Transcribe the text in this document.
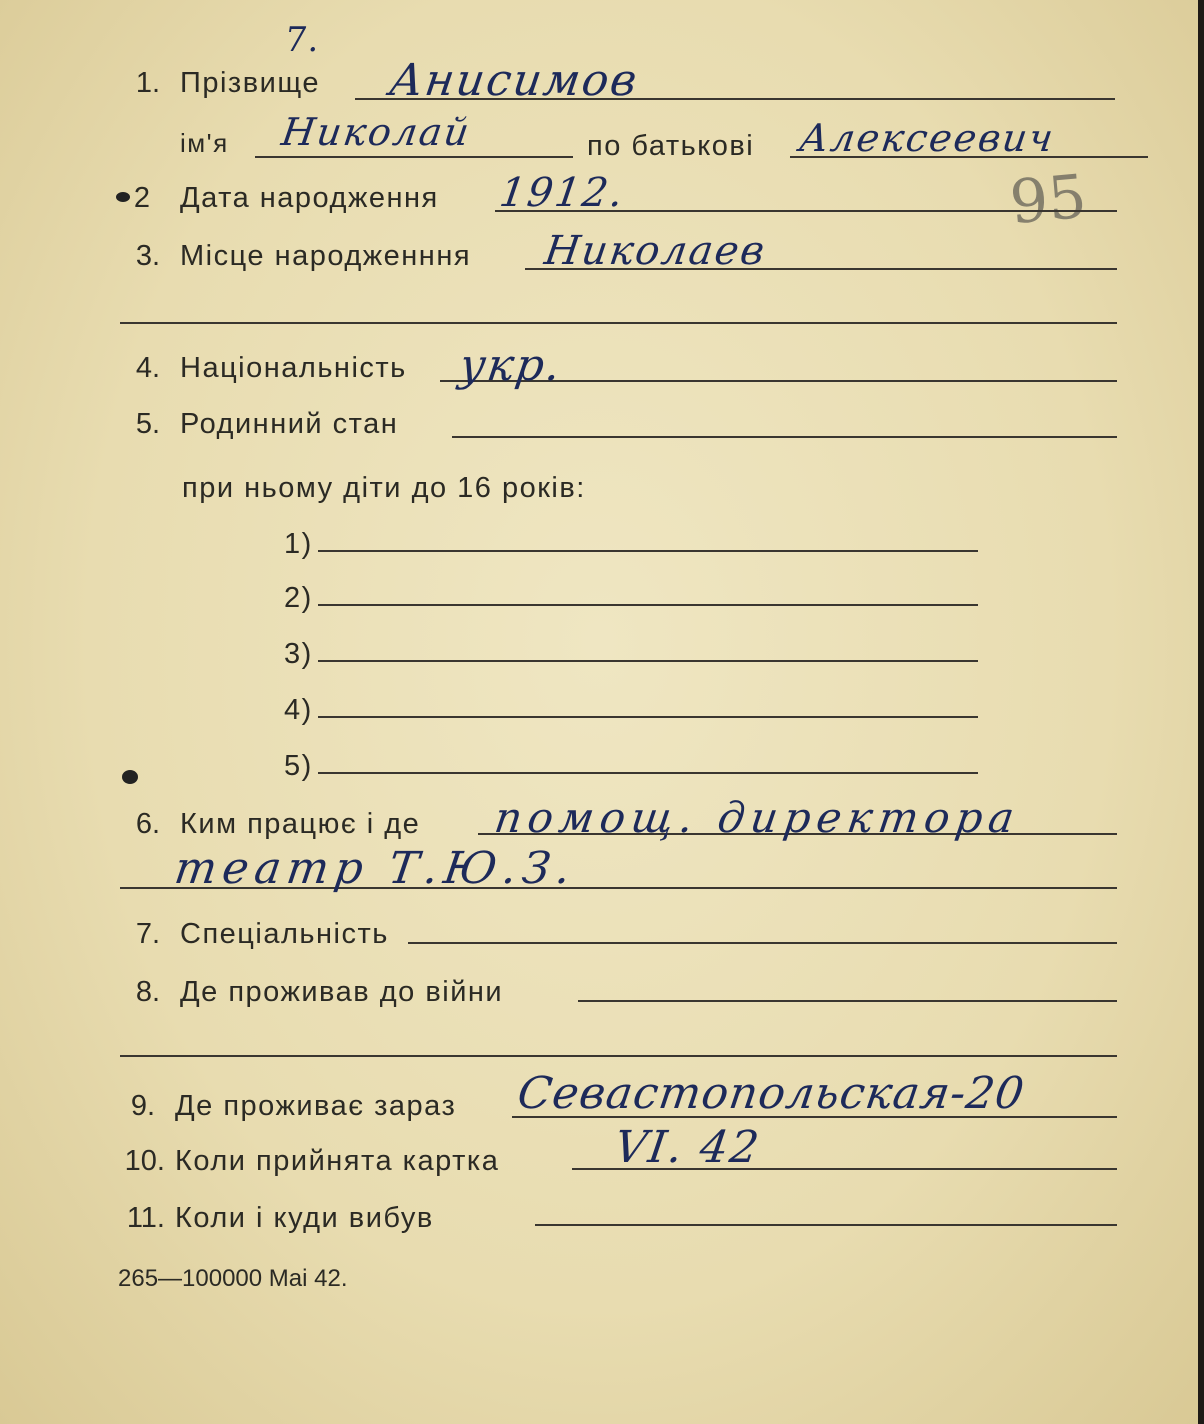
7.
95
1. Прізвище Анисимов
ім'я Николай	по батькові Алексеевич
2 Дата народження 1912.
3. Місце народженння Николаев
4. Національність укр.
5. Родинний стан
при ньому діти до 16 років:
1)
2)
3)
4)
5)
6. Ким працює і де помощ. директора
театр Т.Ю.З.
7. Спеціальність
8. Де проживав до війни
9. Де проживає зараз Севастопольская-20
10. Коли прийнята картка	VI. 42
11. Коли і куди вибув
265—100000 Mai 42.
